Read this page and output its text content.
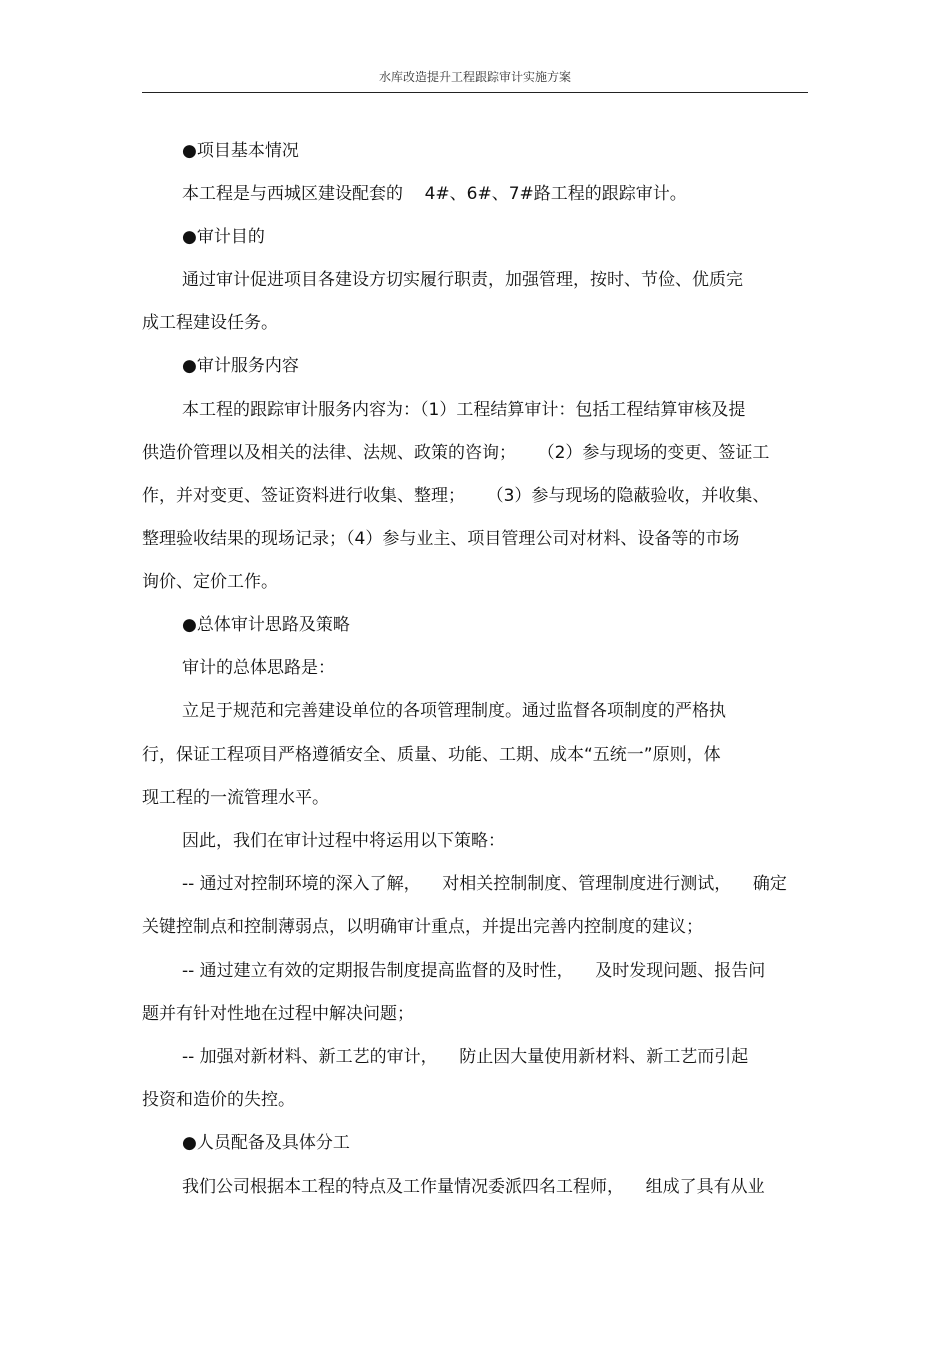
水库改造提升工程跟踪审计实施方案
●项目基本情况
本工程是与西城区建设配套的    4#、6#、7#路工程的跟踪审计。
●审计目的
通过审计促进项目各建设方切实履行职责，加强管理，按时、节俭、优质完
成工程建设任务。
●审计服务内容
本工程的跟踪审计服务内容为：（1）工程结算审计：包括工程结算审核及提
供造价管理以及相关的法律、法规、政策的咨询；    （2）参与现场的变更、签证工
作，并对变更、签证资料进行收集、整理；    （3）参与现场的隐蔽验收，并收集、
整理验收结果的现场记录；（4）参与业主、项目管理公司对材料、设备等的市场
询价、定价工作。
●总体审计思路及策略
审计的总体思路是：
立足于规范和完善建设单位的各项管理制度。通过监督各项制度的严格执
行，保证工程项目严格遵循安全、质量、功能、工期、成本“五统一”原则，体
现工程的一流管理水平。
因此，我们在审计过程中将运用以下策略：
-- 通过对控制环境的深入了解，    对相关控制制度、管理制度进行测试，    确定
关键控制点和控制薄弱点，以明确审计重点，并提出完善内控制度的建议；
-- 通过建立有效的定期报告制度提高监督的及时性，    及时发现问题、报告问
题并有针对性地在过程中解决问题；
-- 加强对新材料、新工艺的审计，    防止因大量使用新材料、新工艺而引起
投资和造价的失控。
●人员配备及具体分工
我们公司根据本工程的特点及工作量情况委派四名工程师，    组成了具有从业
